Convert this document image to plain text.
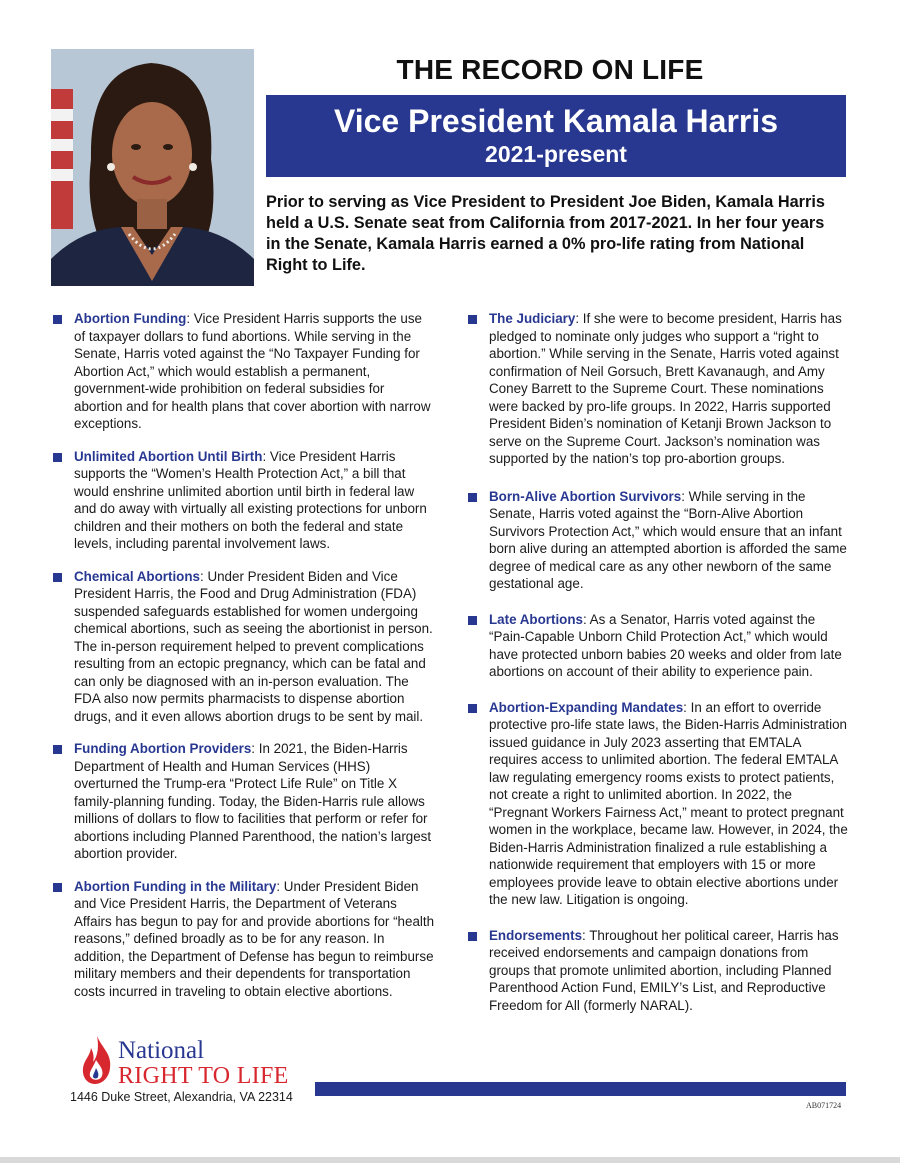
THE RECORD ON LIFE
Vice President Kamala Harris
2021-present
Prior to serving as Vice President to President Joe Biden, Kamala Harris held a U.S. Senate seat from California from 2017-2021. In her four years in the Senate, Kamala Harris earned a 0% pro-life rating from National Right to Life.
Abortion Funding: Vice President Harris supports the use of taxpayer dollars to fund abortions. While serving in the Senate, Harris voted against the “No Taxpayer Funding for Abortion Act,” which would establish a permanent, government-wide prohibition on federal subsidies for abortion and for health plans that cover abortion with narrow exceptions.
Unlimited Abortion Until Birth: Vice President Harris supports the “Women’s Health Protection Act,” a bill that would enshrine unlimited abortion until birth in federal law and do away with virtually all existing protections for unborn children and their mothers on both the federal and state levels, including parental involvement laws.
Chemical Abortions: Under President Biden and Vice President Harris, the Food and Drug Administration (FDA) suspended safeguards established for women undergoing chemical abortions, such as seeing the abortionist in person. The in-person requirement helped to prevent complications resulting from an ectopic pregnancy, which can be fatal and can only be diagnosed with an in-person evaluation. The FDA also now permits pharmacists to dispense abortion drugs, and it even allows abortion drugs to be sent by mail.
Funding Abortion Providers: In 2021, the Biden-Harris Department of Health and Human Services (HHS) overturned the Trump-era “Protect Life Rule” on Title X family-planning funding. Today, the Biden-Harris rule allows millions of dollars to flow to facilities that perform or refer for abortions including Planned Parenthood, the nation’s largest abortion provider.
Abortion Funding in the Military: Under President Biden and Vice President Harris, the Department of Veterans Affairs has begun to pay for and provide abortions for “health reasons,” defined broadly as to be for any reason. In addition, the Department of Defense has begun to reimburse military members and their dependents for transportation costs incurred in traveling to obtain elective abortions.
The Judiciary: If she were to become president, Harris has pledged to nominate only judges who support a “right to abortion.” While serving in the Senate, Harris voted against confirmation of Neil Gorsuch, Brett Kavanaugh, and Amy Coney Barrett to the Supreme Court. These nominations were backed by pro-life groups. In 2022, Harris supported President Biden’s nomination of Ketanji Brown Jackson to serve on the Supreme Court. Jackson’s nomination was supported by the nation’s top pro-abortion groups.
Born-Alive Abortion Survivors: While serving in the Senate, Harris voted against the “Born-Alive Abortion Survivors Protection Act,” which would ensure that an infant born alive during an attempted abortion is afforded the same degree of medical care as any other newborn of the same gestational age.
Late Abortions: As a Senator, Harris voted against the “Pain-Capable Unborn Child Protection Act,” which would have protected unborn babies 20 weeks and older from late abortions on account of their ability to experience pain.
Abortion-Expanding Mandates: In an effort to override protective pro-life state laws, the Biden-Harris Administration issued guidance in July 2023 asserting that EMTALA requires access to unlimited abortion. The federal EMTALA law regulating emergency rooms exists to protect patients, not create a right to unlimited abortion. In 2022, the “Pregnant Workers Fairness Act,” meant to protect pregnant women in the workplace, became law. However, in 2024, the Biden-Harris Administration finalized a rule establishing a nationwide requirement that employers with 15 or more employees provide leave to obtain elective abortions under the new law. Litigation is ongoing.
Endorsements: Throughout her political career, Harris has received endorsements and campaign donations from groups that promote unlimited abortion, including Planned Parenthood Action Fund, EMILY’s List, and Reproductive Freedom for All (formerly NARAL).
National
RIGHT TO LIFE
1446 Duke Street, Alexandria, VA 22314
AB071724
